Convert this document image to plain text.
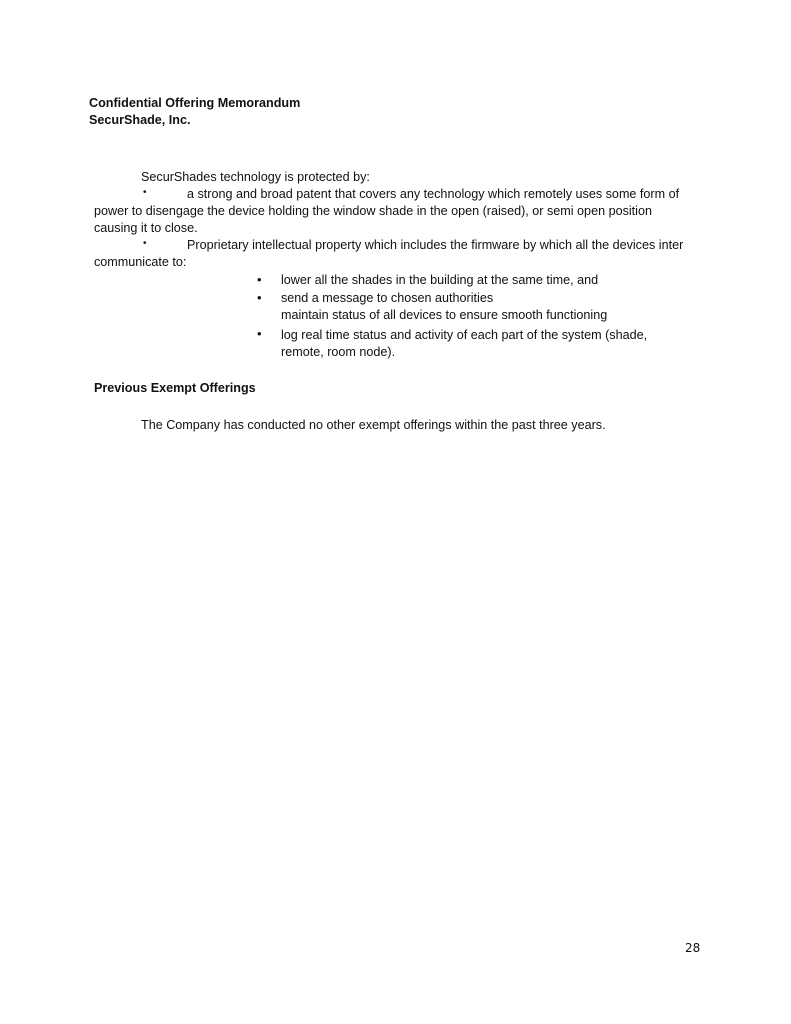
Confidential Offering Memorandum
SecurShade, Inc.
SecurShades technology is protected by:
•	a strong and broad patent that covers any technology which remotely uses some form of
power to disengage the device holding the window shade in the open (raised), or semi open position
causing it to close.
•	Proprietary intellectual property which includes the firmware by which all the devices inter
communicate to:
• lower all the shades in the building at the same time, and
• send a message to chosen authorities
maintain status of all devices to ensure smooth functioning
• log real time status and activity of each part of the system (shade,
remote, room node).
Previous Exempt Offerings
The Company has conducted no other exempt offerings within the past three years.
28
